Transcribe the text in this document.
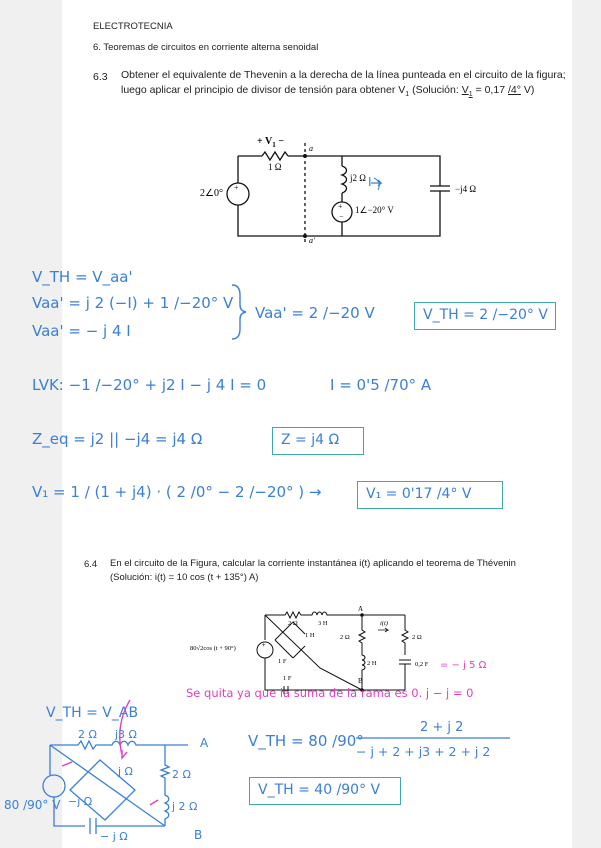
ELECTROTECNIA
6. Teoremas de circuitos en corriente alterna senoidal
6.3 Obtener el equivalente de Thevenin a la derecha de la línea punteada en el circuito de la figura; luego aplicar el principio de divisor de tensión para obtener $V_1$ (Solución: $V_1 = 0,17$ /4° V)
+
+
−
+ $V_1$ −
1 Ω
2∠0°
j2 Ω
−j4 Ω
1∠−20° V
a
a′
I
V_TH = V_aa'
Vaa' = j 2 (−I) + 1 /−20° V
Vaa' = − j 4 I
Vaa' = 2 /−20 V	V_TH = 2 /−20° V
LVK: −1 /−20° + j2 I − j 4 I = 0	I = 0'5 /70° A
Z_eq = j2 || −j4 = j4 Ω	Z = j4 Ω
V₁ = 1 / (1 + j4) · ( 2 /0° − 2 /−20° ) →	V₁ = 0'17 /4° V
6.4 En el circuito de la Figura, calcular la corriente instantánea i(t) aplicando el teorema de Thévenin (Solución: i(t) = 10 cos (t + 135°) A)
+
80√2cos (t + 90°)
2 Ω	3 H
1 H	2 Ω	2 Ω
2 H
1 F
1 F
0,2 F
A
B
i(t)
= − j 5 Ω
Se quita ya que la suma de la rama es 0. j − j = 0
V_TH = V_AB
2 Ω j3 Ω
j Ω	2 Ω
j 2 Ω
−j Ω
− j Ω
A
B
80 /90° V
V_TH = 80 /90°
2 + j 2
− j + 2 + j3 + 2 + j 2
V_TH = 40 /90° V
